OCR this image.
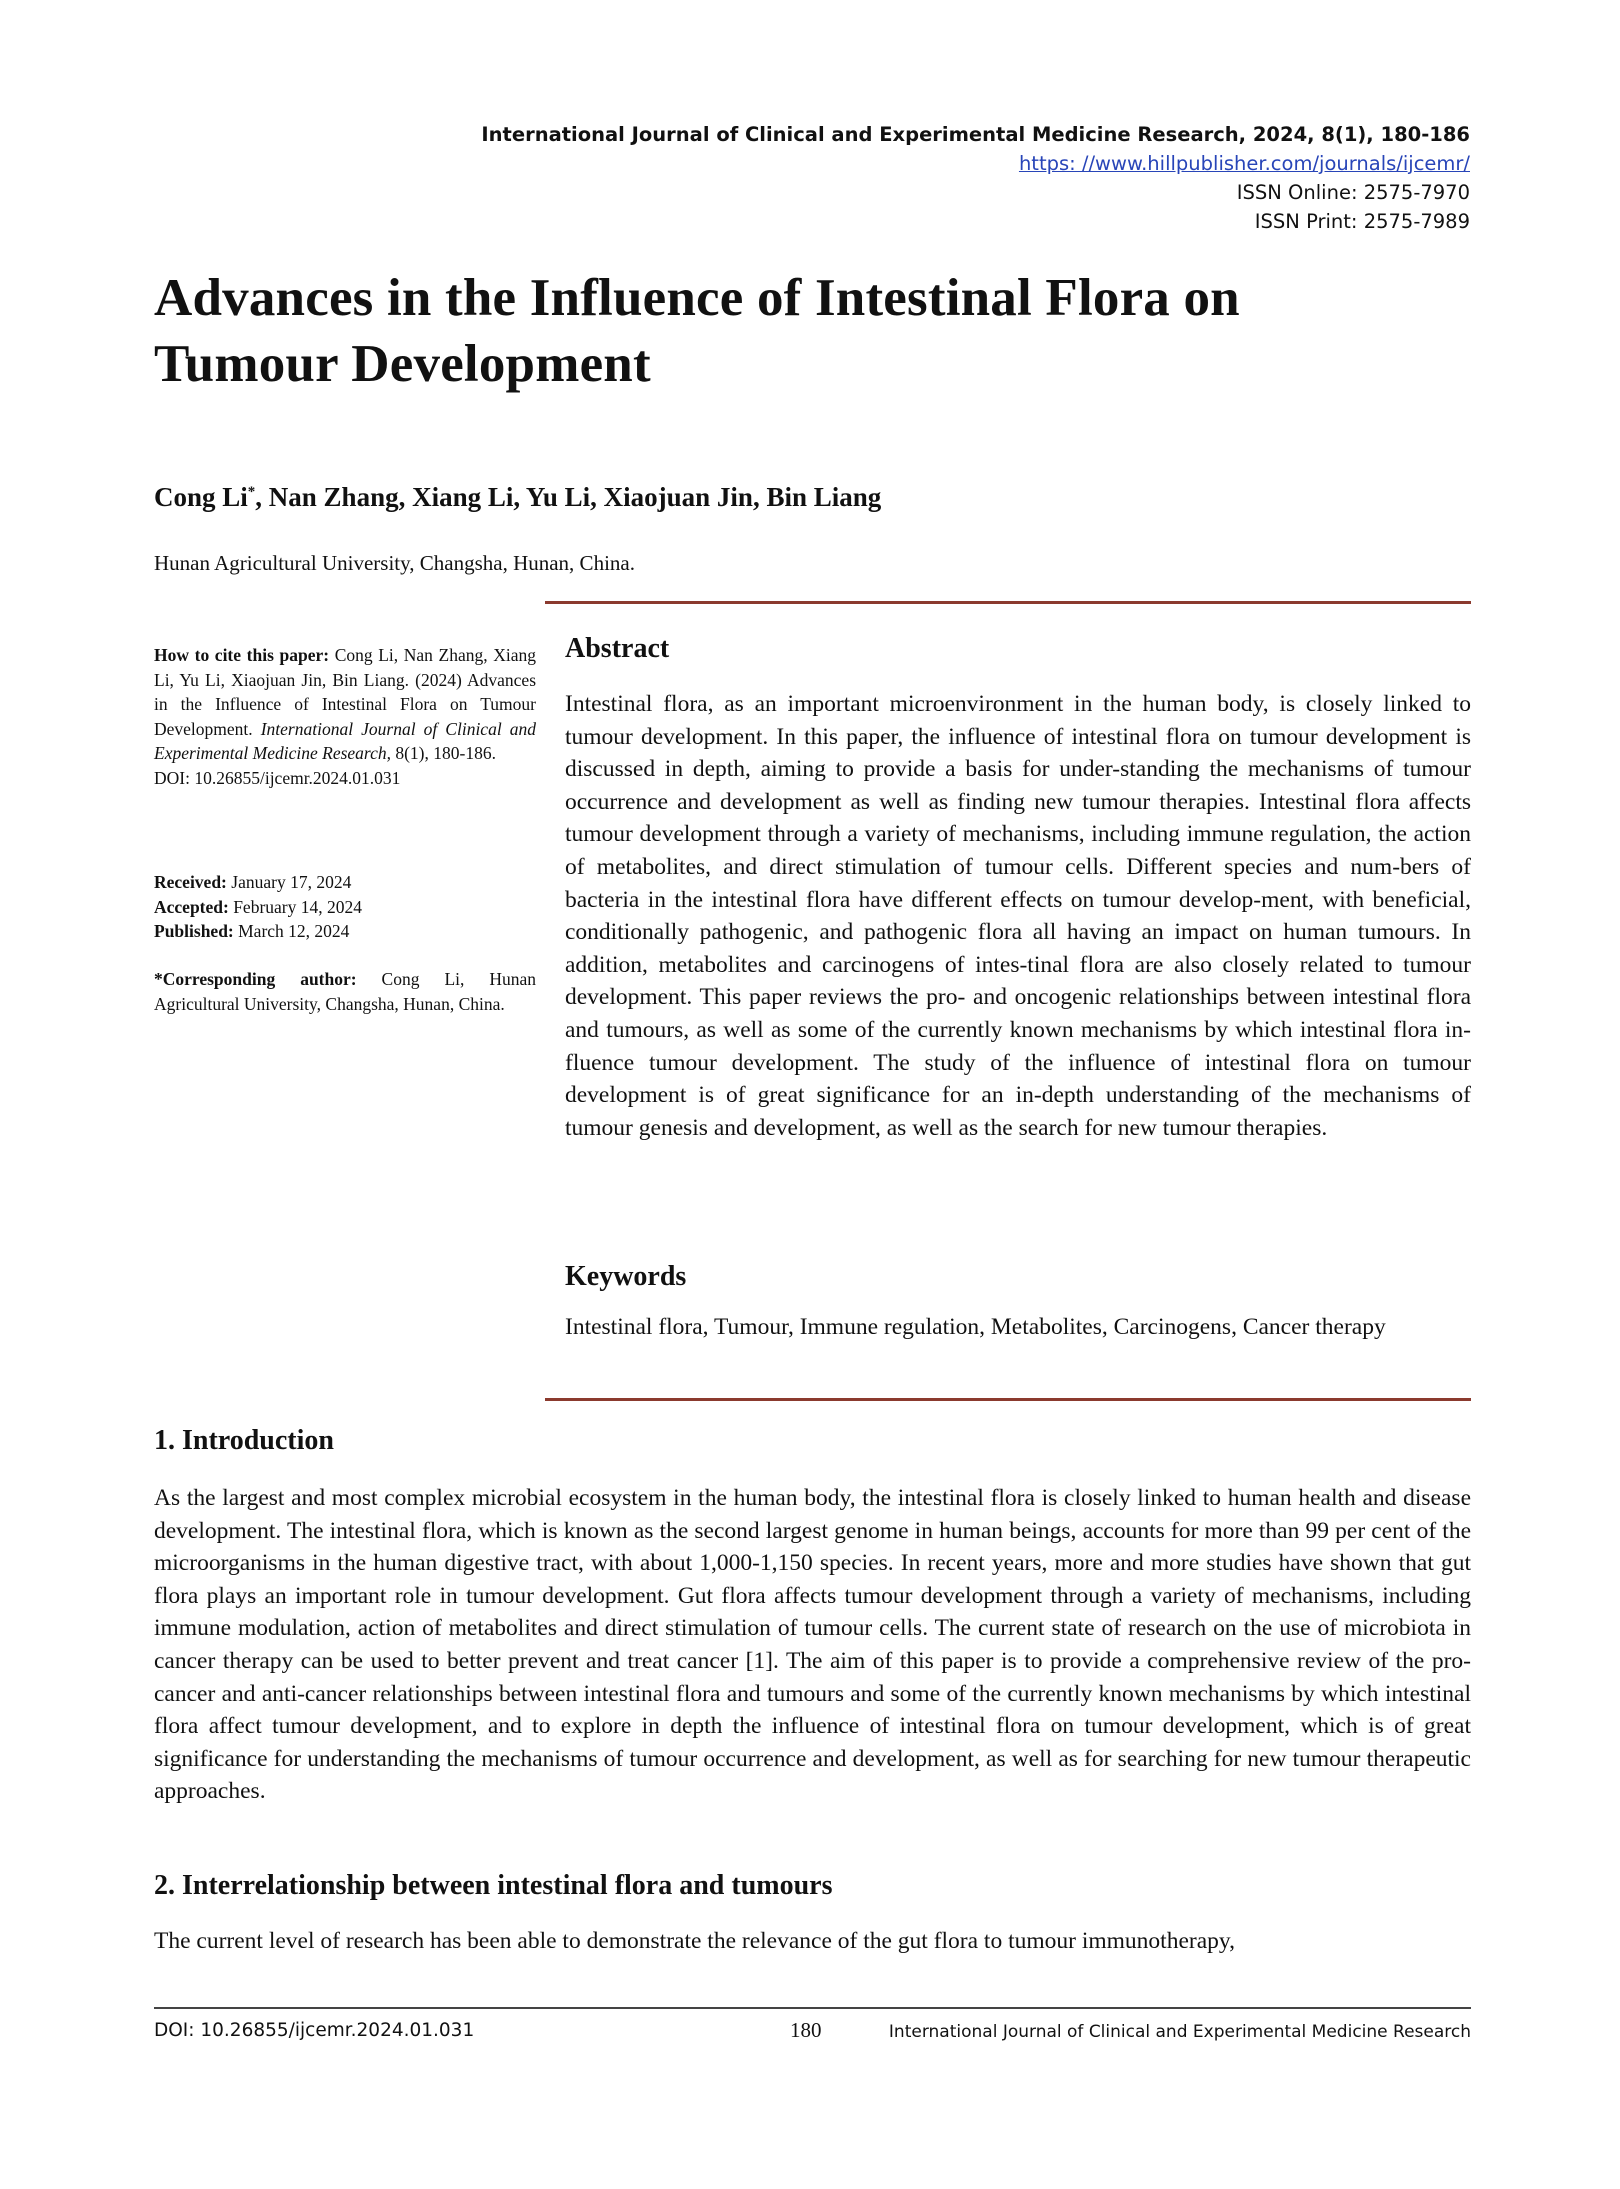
International Journal of Clinical and Experimental Medicine Research, 2024, 8(1), 180-186
https: //www.hillpublisher.com/journals/ijcemr/
ISSN Online: 2575-7970
ISSN Print: 2575-7989
Advances in the Influence of Intestinal Flora on
Tumour Development
Cong Li*, Nan Zhang, Xiang Li, Yu Li, Xiaojuan Jin, Bin Liang
Hunan Agricultural University, Changsha, Hunan, China.

How to cite this paper: Cong Li, Nan Zhang, Xiang Li, Yu Li, Xiaojuan Jin, Bin Liang. (2024) Advances in the Influence of Intestinal Flora on Tumour Development. International Journal of Clinical and Experimental Medicine Research, 8(1), 180-186.

DOI: 10.26855/ijcemr.2024.01.031

Received: January 17, 2024

Accepted: February 14, 2024

Published: March 12, 2024

*Corresponding author: Cong Li, Hunan Agricultural University, Changsha, Hunan, China.

Abstract
Intestinal flora, as an important microenvironment in the human body, is closely linked to tumour development. In this paper, the influence of intestinal flora on tumour development is discussed in depth, aiming to provide a basis for under-standing the mechanisms of tumour occurrence and development as well as finding new tumour therapies. Intestinal flora affects tumour development through a variety of mechanisms, including immune regulation, the action of metabolites, and direct stimulation of tumour cells. Different species and num-bers of bacteria in the intestinal flora have different effects on tumour develop-ment, with beneficial, conditionally pathogenic, and pathogenic flora all having an impact on human tumours. In addition, metabolites and carcinogens of intes-tinal flora are also closely related to tumour development. This paper reviews the pro- and oncogenic relationships between intestinal flora and tumours, as well as some of the currently known mechanisms by which intestinal flora in-fluence tumour development. The study of the influence of intestinal flora on tumour development is of great significance for an in-depth understanding of the mechanisms of tumour genesis and development, as well as the search for new tumour therapies.
Keywords
Intestinal flora, Tumour, Immune regulation, Metabolites, Carcinogens, Cancer therapy
1. Introduction
As the largest and most complex microbial ecosystem in the human body, the intestinal flora is closely linked to human health and disease development. The intestinal flora, which is known as the second largest genome in human beings, accounts for more than 99 per cent of the microorganisms in the human digestive tract, with about 1,000-1,150 species. In recent years, more and more studies have shown that gut flora plays an important role in tumour development. Gut flora affects tumour development through a variety of mechanisms, including immune modulation, action of metabolites and direct stimulation of tumour cells. The current state of research on the use of microbiota in cancer therapy can be used to better prevent and treat cancer [1]. The aim of this paper is to provide a comprehensive review of the pro-cancer and anti-cancer relationships between intestinal flora and tumours and some of the currently known mechanisms by which intestinal flora affect tumour development, and to explore in depth the influence of intestinal flora on tumour development, which is of great significance for understanding the mechanisms of tumour occurrence and development, as well as for searching for new tumour therapeutic approaches.
2. Interrelationship between intestinal flora and tumours
The current level of research has been able to demonstrate the relevance of the gut flora to tumour immunotherapy,
DOI: 10.26855/ijcemr.2024.01.031	180	International Journal of Clinical and Experimental Medicine Research
